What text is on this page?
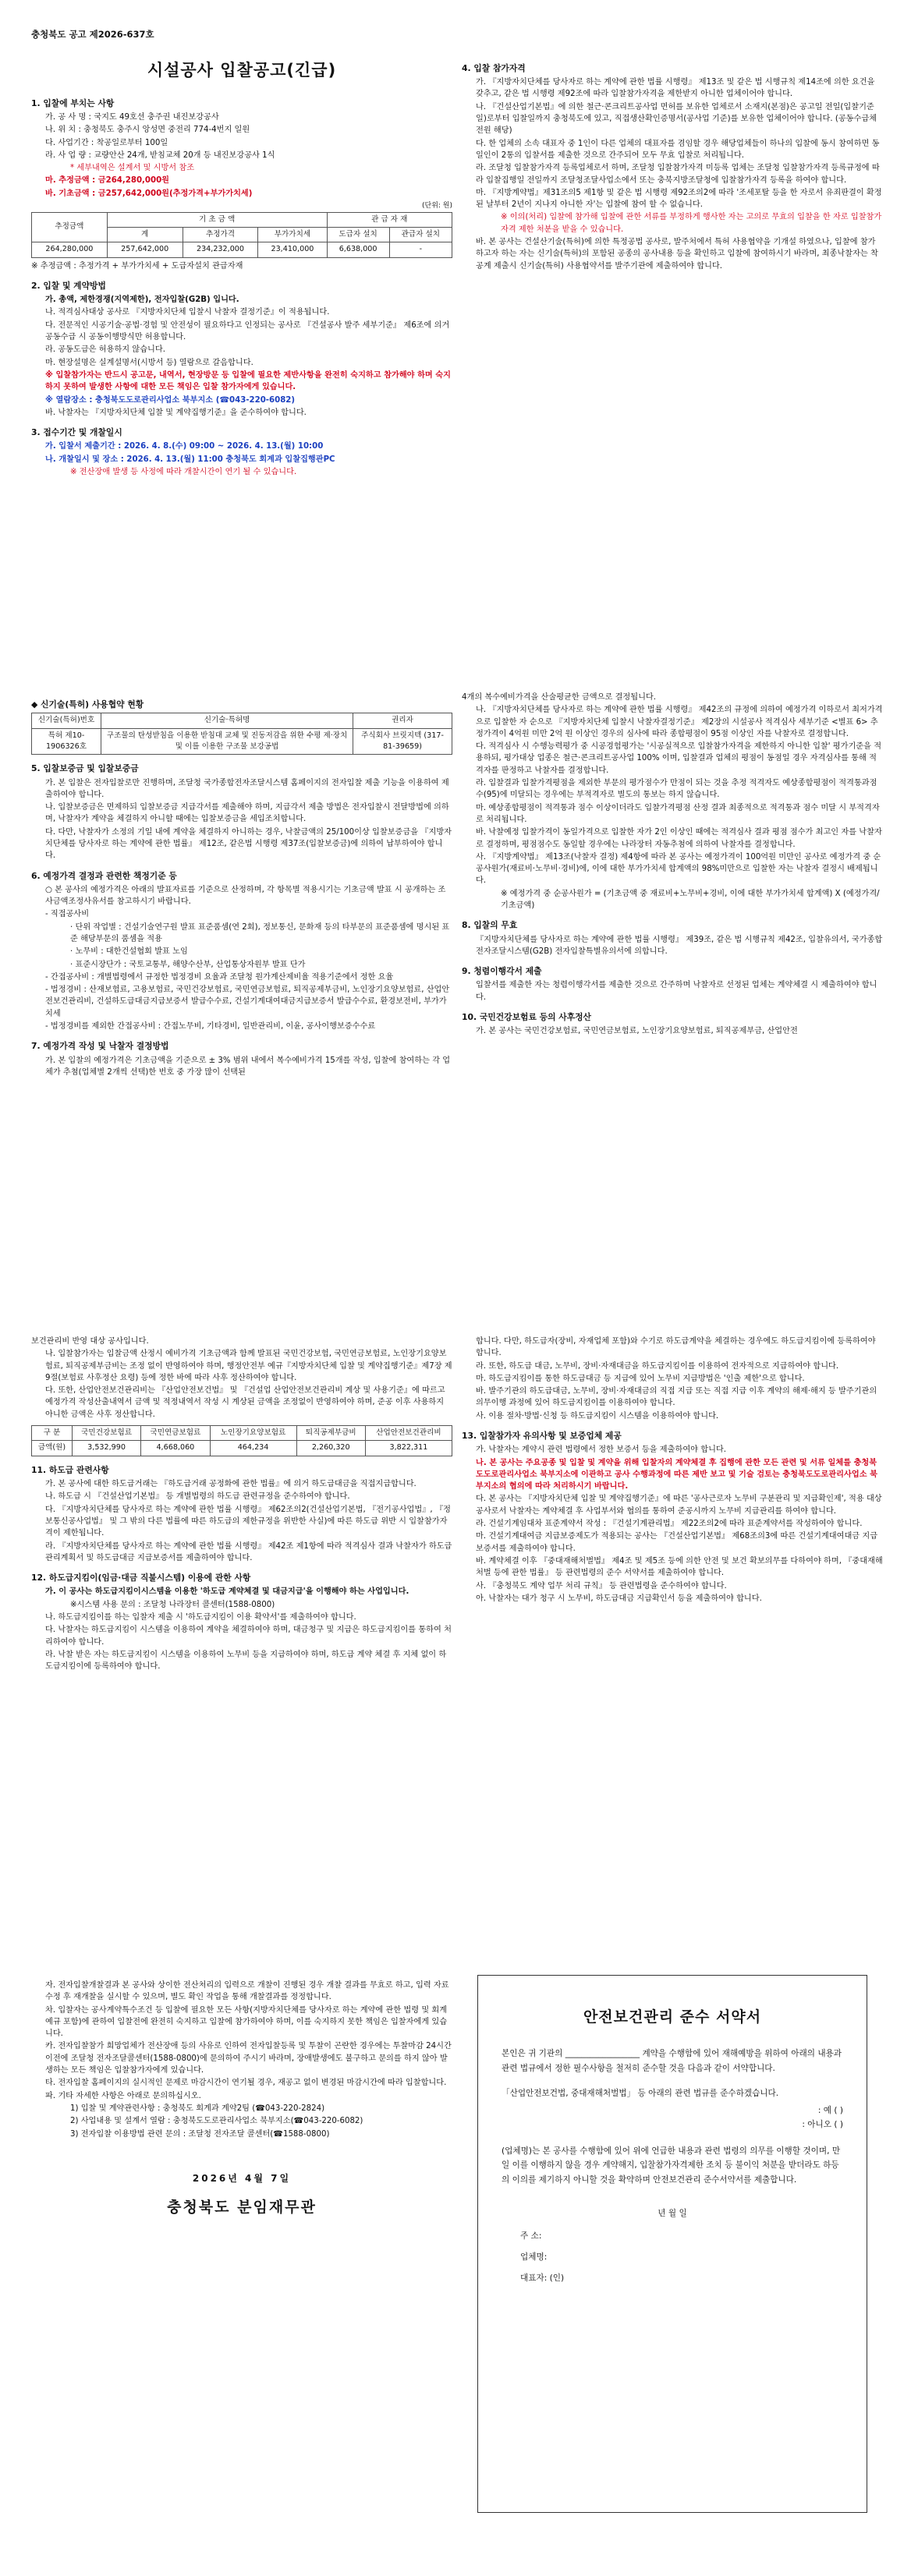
충청북도 공고 제2026-637호
시설공사 입찰공고(긴급)
1. 입찰에 부치는 사항
가. 공 사 명 : 국지도 49호선 충주권 내진보강공사
나. 위 치 : 충청북도 충주시 앙성면 중전리 774-4번지 일원
다. 사업기간 : 착공일로부터 100일
라. 사 업 량 : 교량안산 24개, 받침교체 20개 등 내진보강공사 1식
* 세부내역은 설계서 및 시방서 참조
마. 추정금액 : 금264,280,000원
바. 기초금액 : 금257,642,000원(추정가격+부가가치세)
(단위: 원)
추정금액	기 초 금 액			관 급 자 재	
	계	추정가격	부가가치세	도급자 설치	관급자 설치
264,280,000	257,642,000	234,232,000	23,410,000	6,638,000	-
※ 추정금액 : 추정가격 + 부가가치세 + 도급자설치 관급자재
2. 입찰 및 계약방법
가. 총액, 제한경쟁(지역제한), 전자입찰(G2B) 입니다.
나. 적격심사대상 공사로 『지방자치단체 입찰시 낙찰자 결정기준』이 적용됩니다.
다. 전문적인 시공기술·공법·경험 및 안전성이 필요하다고 인정되는 공사로 『건설공사 발주 세부기준』 제6조에 의거 공동수급 시 공동이행방식만 허용합니다.
라. 공동도급은 허용하지 않습니다.
마. 현장설명은 실계설명서(시방서 등) 열람으로 갈음합니다.
※ 입찰참가자는 반드시 공고문, 내역서, 현장방문 등 입찰에 필요한 제반사항을 완전히 숙지하고 참가해야 하며 숙지하지 못하여 발생한 사항에 대한 모든 책임은 입찰 참가자에게 있습니다.
※ 열람장소 : 충청북도도로관리사업소 북부지소 (☎043-220-6082)
바. 낙찰자는 『지방자치단체 입찰 및 계약집행기준』을 준수하여야 합니다.
3. 접수기간 및 개찰일시
가. 입찰서 제출기간 : 2026. 4. 8.(수) 09:00 ~ 2026. 4. 13.(월) 10:00
나. 개찰일시 및 장소 : 2026. 4. 13.(월) 11:00 충청북도 회계과 입찰집행관PC
※ 전산장애 발생 등 사정에 따라 개찰시간이 연기 될 수 있습니다.
4. 입찰 참가자격
가. 『지방자치단체를 당사자로 하는 계약에 관한 법률 시행령』 제13조 및 같은 법 시행규칙 제14조에 의한 요건을 갖추고, 같은 법 시행령 제92조에 따라 입찰참가자격을 제한받지 아니한 업체이어야 합니다.
나. 『건설산업기본법』에 의한 철근·콘크리트공사업 면허를 보유한 업체로서 소재지(본점)은 공고일 전일(입찰기준일)로부터 입찰일까지 충청북도에 있고, 직접생산확인증명서(공사업 기준)를 보유한 업체이어야 합니다. (공동수급체 전원 해당)
다. 한 업체의 소속 대표자 중 1인이 다른 업체의 대표자를 겸임할 경우 해당업체들이 하나의 입찰에 동시 참여하면 동일인이 2통의 입찰서를 제출한 것으로 간주되어 모두 무효 입찰로 처리됩니다.
라. 조달청 입찰참가자격 등록업체로서 하며, 조달청 입찰참가자격 미등록 업체는 조달청 입찰참가자격 등록규정에 따라 입찰집행일 전일까지 조달청조달사업소에서 또는 충북지방조달청에 입찰참가자격 등록을 하여야 합니다.
마. 『지방계약법』제31조의5 제1항 및 같은 법 시행령 제92조의2에 따라 '조세포탈 등을 한 자로서 유죄판결이 확정된 날부터 2년이 지나지 아니한 자'는 입찰에 참여 할 수 없습니다.
※ 이의(처리) 입찰에 참가해 입찰에 관한 서류를 부정하게 행사한 자는 고의로 무효의 입찰을 한 자로 입찰참가자격 제한 처분을 받을 수 있습니다.
바. 본 공사는 건설산기술(특허)에 의한 특정공법 공사로, 발주처에서 특허 사용협약을 기개설 하였으나, 입찰에 참가하고자 하는 자는 신기술(특허)의 포함된 공종의 공사내용 등을 확인하고 입찰에 참여하시기 바라며, 최종낙찰자는 착공계 제출시 신기술(특허) 사용협약서를 발주기관에 제출하여야 합니다.
◆ 신기술(특허) 사용협약 현황
신기술(특허)번호	신기술·특허명	권리자
특허 제10-1906326호	구조물의 탄성받침을 이용한 받침대 교체 및 진동저감을 위한 수평 제·장치 및 이를 이용한 구조물 보강공법	주식회사 브릿지텍 (317-81-39659)
5. 입찰보증금 및 입찰보증금
가. 본 입찰은 전자입찰로만 진행하며, 조달청 국가종합전자조달시스템 홈페이지의 전자입찰 제출 기능을 이용하여 제출하여야 합니다.
나. 입찰보증금은 면제하되 입찰보증금 지급각서를 제출해야 하며, 지급각서 제출 방법은 전자입찰시 전달방법에 의하며, 낙찰자가 계약을 체결하지 아니할 때에는 입찰보증금을 세입조치합니다.
다. 다만, 낙찰자가 소정의 기일 내에 계약을 체결하지 아니하는 경우, 낙찰금액의 25/100이상 입찰보증금을 『지방자치단체를 당사자로 하는 계약에 관한 법률』 제12조, 같은법 시행령 제37조(입찰보증금)에 의하여 납부하여야 합니다.
6. 예정가격 결정과 관련한 책정기준 등
○ 본 공사의 예정가격은 아래의 발표자료를 기준으로 산정하며, 각 항목별 적용시기는 기초금액 발표 시 공개하는 조사금액조정사유서를 참고하시기 바랍니다.
- 직접공사비
· 단위 작업별 : 건설기술연구원 발표 표준품셈(연 2회), 정보통신, 문화재 등의 타부문의 표준품셈에 명시된 표준 해당부문의 품셈을 적용
· 노무비 : 대한건설협회 발표 노임
· 표준시장단가 : 국토교통부, 해양수산부, 산업통상자원부 발표 단가
- 간접공사비 : 개별법령에서 규정한 법정경비 요율과 조달청 원가계산제비율 적용기준에서 정한 요율
- 법정경비 : 산재보험료, 고용보험료, 국민건강보험료, 국민연금보험료, 퇴직공제부금비, 노인장기요양보험료, 산업안전보건관리비, 건설하도급대금지급보증서 발급수수료, 건설기계대여대금지급보증서 발급수수료, 환경보전비, 부가가치세
- 법정경비를 제외한 간접공사비 : 간접노무비, 기타경비, 일반관리비, 이윤, 공사이행보증수수료
7. 예정가격 작성 및 낙찰자 결정방법
가. 본 입찰의 예정가격은 기초금액을 기준으로 ± 3% 범위 내에서 복수예비가격 15개를 작성, 입찰에 참여하는 각 업체가 추첨(업체별 2개씩 선택)한 번호 중 가장 많이 선택된
4개의 복수예비가격을 산술평균한 금액으로 결정됩니다.
나. 『지방자치단체를 당사자로 하는 계약에 관한 법률 시행령』 제42조의 규정에 의하여 예정가격 이하로서 최저가격으로 입찰한 자 순으로 『지방자치단체 입찰시 낙찰자결정기준』 제2장의 시설공사 적격심사 세부기준 <별표 6> 추정가격이 4억원 미만 2억 원 이상인 경우의 심사에 따라 종합평점이 95점 이상인 자를 낙찰자로 결정합니다.
다. 적격심사 시 수행능력평가 중 시공경험평가는 '시공실적으로 입찰참가자격을 제한하지 아니한 입찰' 평가기준을 적용하되, 평가대상 업종은 철근·콘크리트공사업 100% 이며, 입찰결과 업체의 평점이 동점일 경우 자격심사를 통해 적격자를 판정하고 낙찰자를 결정합니다.
라. 입찰결과 입찰가격평점을 제외한 부문의 평가점수가 만점이 되는 것을 추정 적격자도 예상종합평점이 적격통과점수(95)에 미달되는 경우에는 부적격자로 별도의 통보는 하지 않습니다.
마. 예상종합평점이 적격통과 점수 이상이더라도 입찰가격평점 산정 결과 최종적으로 적격통과 점수 미달 시 부적격자로 처리됩니다.
바. 낙찰예정 입찰가격이 동일가격으로 입찰한 자가 2인 이상인 때에는 적격심사 결과 평점 점수가 최고인 자를 낙찰자로 결정하며, 평점점수도 동일할 경우에는 나라장터 자동추첨에 의하여 낙찰자를 결정합니다.
사. 『지방계약법』 제13조(낙찰자 결정) 제4항에 따라 본 공사는 예정가격이 100억원 미만인 공사로 예정가격 중 순공사원가(재료비·노무비·경비)에, 이에 대한 부가가치세 합계액의 98%미만으로 입찰한 자는 낙찰자 결정시 배제됩니다.
※ 예정가격 중 순공사원가 = (기초금액 중 재료비+노무비+경비, 이에 대한 부가가치세 합계액) X (예정가격/기초금액)
8. 입찰의 무효
『지방자치단체를 당사자로 하는 계약에 관한 법률 시행령』 제39조, 같은 법 시행규칙 제42조, 입찰유의서, 국가종합전자조달시스템(G2B) 전자입찰특별유의서에 의합니다.
9. 청렴이행각서 제출
입찰서를 제출한 자는 청렴이행각서를 제출한 것으로 간주하며 낙찰자로 선정된 업체는 계약체결 시 제출하여야 합니다.
10. 국민건강보험료 등의 사후정산
가. 본 공사는 국민건강보험료, 국민연금보험료, 노인장기요양보험료, 퇴직공제부금, 산업안전
보건관리비 반영 대상 공사입니다.
나. 입찰참가자는 입찰금액 산정시 예비가격 기초금액과 함께 발표된 국민건강보험, 국민연금보험료, 노인장기요양보험료, 퇴직공제부금비는 조정 없이 반영하여야 하며, 행정안전부 예규『지방자치단체 입찰 및 계약집행기준』제7장 제9절(보험료 사후정산 요령) 등에 정한 바에 따라 사후 정산하여야 합니다.
다. 또한, 산업안전보건관리비는 『산업안전보건법』 및 『건설업 산업안전보건관리비 계상 및 사용기준』에 따르고 예정가격 작성산출내역서 금액 및 적정내역서 작성 시 계상된 금액을 조정없이 반영하여야 하며, 준공 이후 사용하지 아니한 금액은 사후 정산합니다.
구 분	국민건강보험료	국민연금보험료	노인장기요양보험료	퇴직공제부금비	산업안전보건관리비
금액(원)	3,532,990	4,668,060	464,234	2,260,320	3,822,311
11. 하도급 관련사항
가. 본 공사에 대한 하도급거래는 『하도급거래 공정화에 관한 법률』에 의거 하도급대금을 직접지급합니다.
나. 하도급 시 『건설산업기본법』 등 개별법령의 하도급 관련규정을 준수하여야 합니다.
다. 『지방자치단체를 당사자로 하는 계약에 관한 법률 시행령』 제62조의2(건설산업기본법, 『전기공사업법』, 『정보통신공사업법』 및 그 밖의 다른 법률에 따른 하도급의 제한규정을 위반한 사실)에 따른 하도급 위반 시 입찰참가자격이 제한됩니다.
라. 『지방자치단체를 당사자로 하는 계약에 관한 법률 시행령』 제42조 제1항에 따라 적격심사 결과 낙찰자가 하도급 관리계획서 및 하도급대금 지급보증서를 제출하여야 합니다.
12. 하도급지킴이(임금·대금 직불시스템) 이용에 관한 사항
가. 이 공사는 하도급지킴이시스템을 이용한 '하도급 계약체결 및 대금지급'을 이행해야 하는 사업입니다.
※시스템 사용 문의 : 조달청 나라장터 콜센터(1588-0800)
나. 하도급지킴이를 하는 입찰자 제출 시 '하도급지킴이 이용 확약서'를 제출하여야 합니다.
다. 낙찰자는 하도급지킴이 시스템을 이용하여 계약을 체결하여야 하며, 대금청구 및 지급은 하도급지킴이를 통하여 처리하여야 합니다.
라. 낙찰 받은 자는 하도급지킴이 시스템을 이용하여 노무비 등을 지급하여야 하며, 하도급 계약 체결 후 지체 없이 하도급지킴이에 등록하여야 합니다.
합니다. 다만, 하도급자(장비, 자재업체 포함)와 수기로 하도급계약을 체결하는 경우에도 하도급지킴이에 등록하여야 합니다.
라. 또한, 하도급 대금, 노무비, 장비·자재대금을 하도급지킴이를 이용하여 전자적으로 지급하여야 합니다.
마. 하도급지킴이를 통한 하도급대금 등 지급에 있어 노무비 지급방법은 '인출 제한'으로 합니다.
바. 발주기관의 하도급대금, 노무비, 장비·자재대금의 직접 지급 또는 직접 지급 이후 계약의 해제·해지 등 발주기관의 의무이행 과정에 있어 하도급지킴이를 이용하여야 합니다.
사. 이용 절차·방법·신청 등 하도급지킴이 시스템을 이용하여야 합니다.
13. 입찰참가자 유의사항 및 보증업체 제공
가. 낙찰자는 계약시 관련 법령에서 정한 보증서 등을 제출하여야 합니다.
나. 본 공사는 주요공종 및 입찰 및 계약을 위해 입찰자의 계약체결 후 집행에 관한 모든 관련 및 서류 일체를 충청북도도로관리사업소 북부지소에 이관하고 공사 수행과정에 따른 제반 보고 및 기술 검토는 충청북도도로관리사업소 북부지소의 협의에 따라 처리하시기 바랍니다.
다. 본 공사는 『지방자치단체 입찰 및 계약집행기준』에 따른 '공사근로자 노무비 구분관리 및 지급확인제', 적용 대상공사로서 낙찰자는 계약체결 후 사업부서와 협의를 통하여 준공시까지 노무비 지급관리를 하여야 합니다.
라. 건설기계임대차 표준계약서 작성 : 『건설기계관리법』 제22조의2에 따라 표준계약서를 작성하여야 합니다.
마. 건설기계대여금 지급보증제도가 적용되는 공사는 『건설산업기본법』 제68조의3에 따른 건설기계대여대금 지급보증서를 제출하여야 합니다.
바. 계약체결 이후 『중대재해처벌법』 제4조 및 제5조 등에 의한 안전 및 보건 확보의무를 다하여야 하며, 『중대재해 처벌 등에 관한 법률』 등 관련법령의 준수 서약서를 제출하여야 합니다.
사. 『충청북도 계약 업무 처리 규칙』 등 관련법령을 준수하여야 합니다.
아. 낙찰자는 대가 청구 시 노무비, 하도급대금 지급확인서 등을 제출하여야 합니다.
자. 전자입찰개찰결과 본 공사와 상이한 전산처리의 입력으로 개찰이 진행된 경우 개찰 결과를 무효로 하고, 입력 자료 수정 후 재개찰을 실시할 수 있으며, 별도 확인 작업을 통해 개찰결과를 정정합니다.
차. 입찰자는 공사계약특수조건 등 입찰에 필요한 모든 사항(지방자치단체를 당사자로 하는 계약에 관한 법령 및 회계예규 포함)에 관하여 입찰전에 완전히 숙지하고 입찰에 참가하여야 하며, 이를 숙지하지 못한 책임은 입찰자에게 있습니다.
카. 전자입찰참가 희망업체가 전산장애 등의 사유로 인하여 전자입찰등록 및 투찰이 곤란한 경우에는 투찰마감 24시간 이전에 조달청 전자조달콜센터(1588-0800)에 문의하여 주시기 바라며, 장애발생에도 불구하고 문의를 하지 않아 발생하는 모든 책임은 입찰참가자에게 있습니다.
타. 전자입찰 홈페이지의 실시적인 문제로 마감시간이 연기될 경우, 재공고 없이 변경된 마감시간에 따라 입찰합니다.
파. 기타 자세한 사항은 아래로 문의하십시오.
1) 입찰 및 계약관련사항 : 충청북도 회계과 계약2팀 (☎043-220-2824)
2) 사업내용 및 설계서 열람 : 충청북도도로관리사업소 북부지소(☎043-220-6082)
3) 전자입찰 이용방법 관련 문의 : 조달청 전자조달 콜센터(☎1588-0800)
2026년 4월 7일
충청북도 분임재무관
안전보건관리 준수 서약서
본인은 귀 기관의 __________________ 계약을 수행함에 있어 재해예방을 위하여 아래의 내용과 관련 법규에서 정한 필수사항을 철저히 준수할 것을 다음과 같이 서약합니다.
「산업안전보건법, 중대재해처벌법」 등 아래의 관련 법규를 준수하겠습니다.
: 예 ( )
: 아니오 ( )
(업체명)는 본 공사를 수행함에 있어 위에 언급한 내용과 관련 법령의 의무를 이행할 것이며, 만일 이를 이행하지 않을 경우 계약해지, 입찰참가자격제한 조치 등 불이익 처분을 받더라도 하등의 이의를 제기하지 아니할 것을 확약하며 안전보건관리 준수서약서를 제출합니다.
년 월 일
주 소:
업체명:
대표자: (인)
